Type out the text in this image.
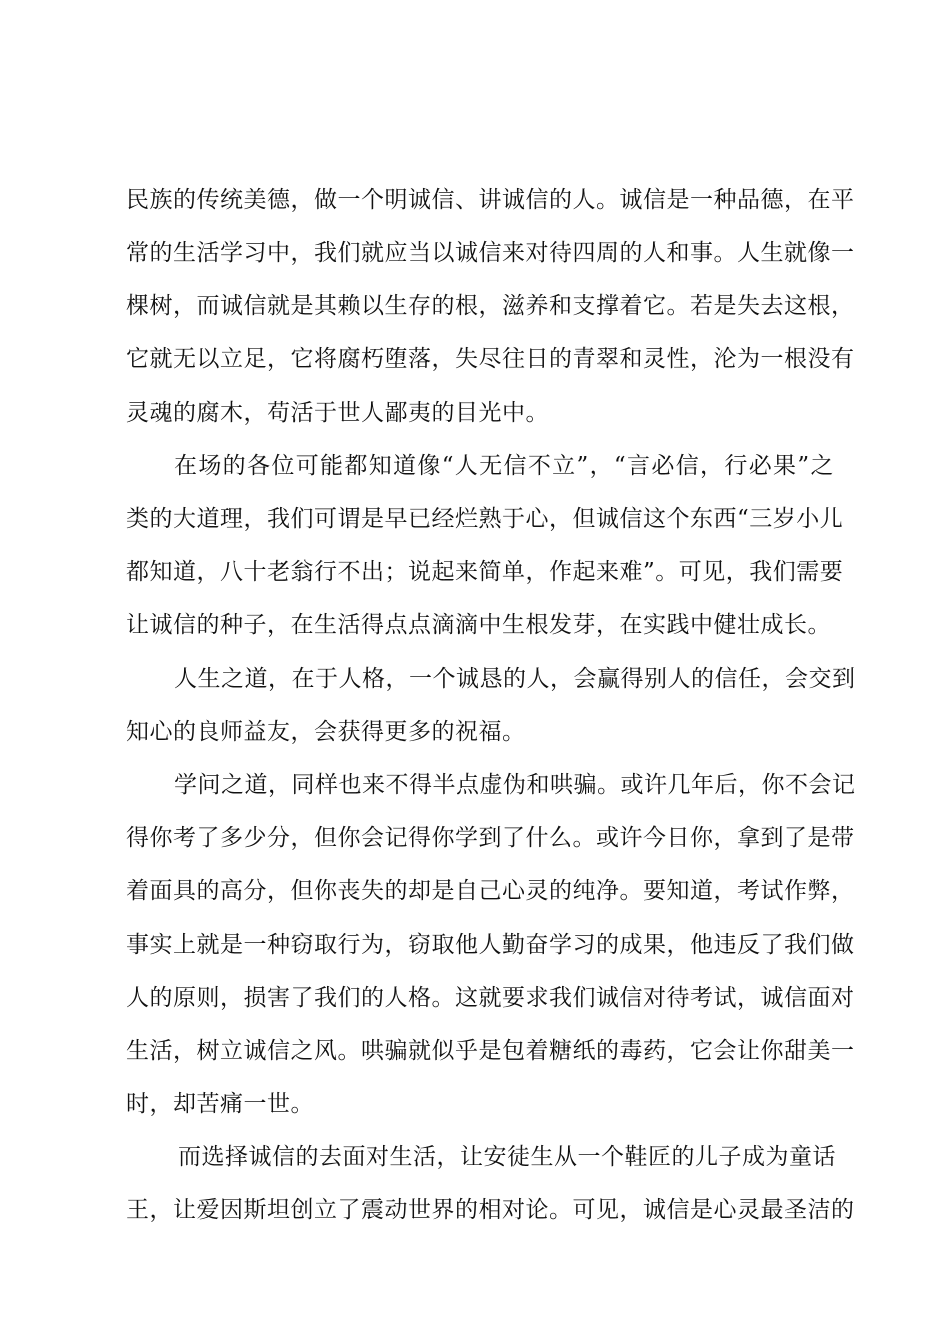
民族的传统美德，做一个明诚信、讲诚信的人。诚信是一种品德，在平
常的生活学习中，我们就应当以诚信来对待四周的人和事。人生就像一
棵树，而诚信就是其赖以生存的根，滋养和支撑着它。若是失去这根，
它就无以立足，它将腐朽堕落，失尽往日的青翠和灵性，沦为一根没有
灵魂的腐木，苟活于世人鄙夷的目光中。
在场的各位可能都知道像“人无信不立”，“言必信，行必果”之
类的大道理，我们可谓是早已经烂熟于心，但诚信这个东西“三岁小儿
都知道，八十老翁行不出；说起来简单，作起来难”。可见，我们需要
让诚信的种子，在生活得点点滴滴中生根发芽，在实践中健壮成长。
人生之道，在于人格，一个诚恳的人，会赢得别人的信任，会交到
知心的良师益友，会获得更多的祝福。
学问之道，同样也来不得半点虚伪和哄骗。或许几年后，你不会记
得你考了多少分，但你会记得你学到了什么。或许今日你，拿到了是带
着面具的高分，但你丧失的却是自己心灵的纯净。要知道，考试作弊，
事实上就是一种窃取行为，窃取他人勤奋学习的成果，他违反了我们做
人的原则，损害了我们的人格。这就要求我们诚信对待考试，诚信面对
生活，树立诚信之风。哄骗就似乎是包着糖纸的毒药，它会让你甜美一
时，却苦痛一世。
而选择诚信的去面对生活，让安徒生从一个鞋匠的儿子成为童话
王，让爱因斯坦创立了震动世界的相对论。可见，诚信是心灵最圣洁的
